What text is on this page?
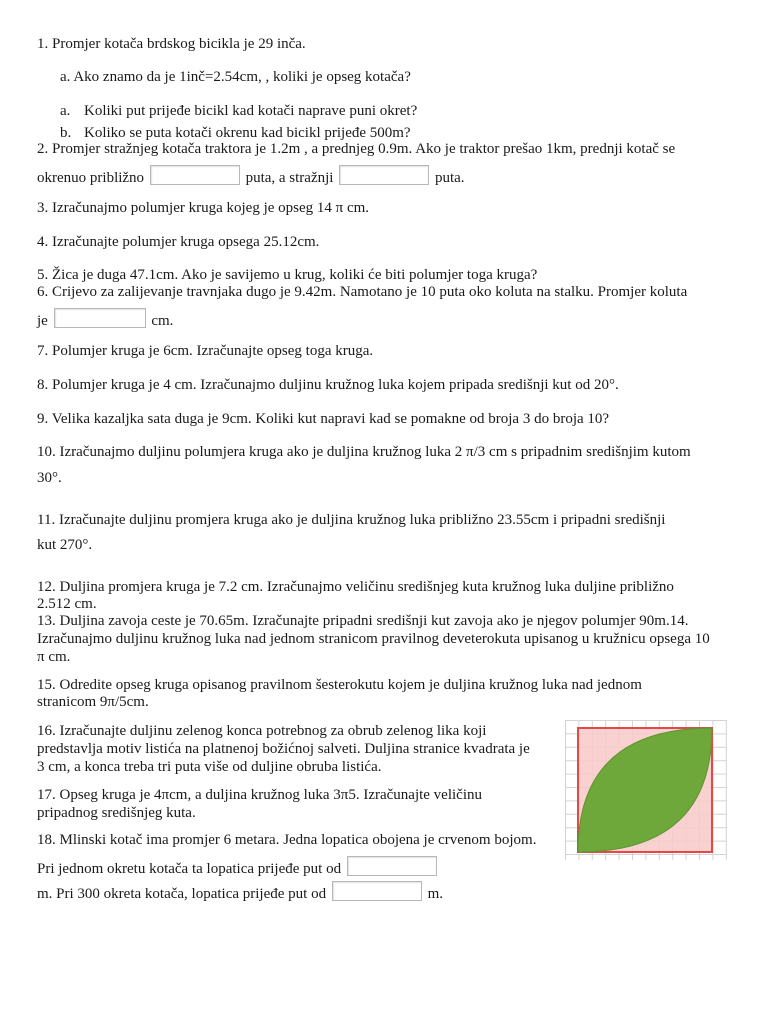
1. Promjer kotača brdskog bicikla je 29 inča.
a. Ako znamo da je 1inč=2.54cm, , koliki je opseg kotača?
a. Koliki put prijeđe bicikl kad kotači naprave puni okret?
b. Koliko se puta kotači okrenu kad bicikl prijeđe 500m?
2. Promjer stražnjeg kotača traktora je 1.2m , a prednjeg 0.9m. Ako je traktor prešao 1km, prednji kotač se
okrenuo približno	puta, a stražnji	puta.
3. Izračunajmo polumjer kruga kojeg je opseg 14 π cm.
4. Izračunajte polumjer kruga opsega 25.12cm.
5. Žica je duga 47.1cm. Ako je savijemo u krug, koliki će biti polumjer toga kruga?
6. Crijevo za zalijevanje travnjaka dugo je 9.42m. Namotano je 10 puta oko koluta na stalku. Promjer koluta
je	cm.
7. Polumjer kruga je 6cm. Izračunajte opseg toga kruga.
8. Polumjer kruga je 4 cm. Izračunajmo duljinu kružnog luka kojem pripada središnji kut od 20°.
9. Velika kazaljka sata duga je 9cm. Koliki kut napravi kad se pomakne od broja 3 do broja 10?
10. Izračunajmo duljinu polumjera kruga ako je duljina kružnog luka 2 π/3 cm s pripadnim središnjim kutom
30°.
11. Izračunajte duljinu promjera kruga ako je duljina kružnog luka približno 23.55cm i pripadni središnji
kut 270°.
12. Duljina promjera kruga je 7.2 cm. Izračunajmo veličinu središnjeg kuta kružnog luka duljine približno
2.512 cm.
13. Duljina zavoja ceste je 70.65m. Izračunajte pripadni središnji kut zavoja ako je njegov polumjer 90m.14.
Izračunajmo duljinu kružnog luka nad jednom stranicom pravilnog deveterokuta upisanog u kružnicu opsega 10
π cm.
15. Odredite opseg kruga opisanog pravilnom šesterokutu kojem je duljina kružnog luka nad jednom
stranicom 9π/5cm.
16. Izračunajte duljinu zelenog konca potrebnog za obrub zelenog lika koji
predstavlja motiv listića na platnenoj božićnoj salveti. Duljina stranice kvadrata je
3 cm, a konca treba tri puta više od duljine obruba listića.
17. Opseg kruga je 4πcm, a duljina kružnog luka 3π5. Izračunajte veličinu
pripadnog središnjeg kuta.
18. Mlinski kotač ima promjer 6 metara. Jedna lopatica obojena je crvenom bojom.
Pri jednom okretu kotača ta lopatica prijeđe put od
m. Pri 300 okreta kotača, lopatica prijeđe put od	m.
